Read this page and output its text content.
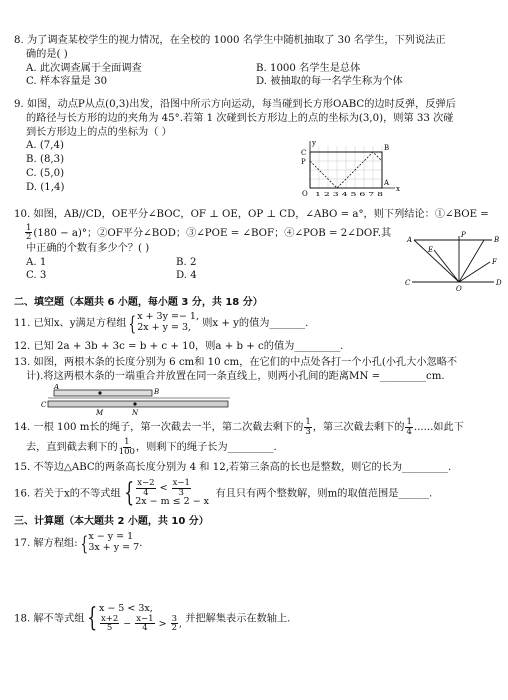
8. 为了调查某校学生的视力情况，在全校的 1000 名学生中随机抽取了 30 名学生，下列说法正
确的是( )
A. 此次调查属于全面调查	B. 1000 名学生是总体
C. 样本容量是 30	D. 被抽取的每一名学生称为个体
9. 如图，动点P从点(0,3)出发，沿图中所示方向运动，每当碰到长方形OABC的边时反弹，反弹后
的路径与长方形的边的夹角为 45°.若第 1 次碰到长方形边上的点的坐标为(3,0)，则第 33 次碰
到长方形边上的点的坐标为（ ）
A. (7,4)
B. (8,3)
C. (5,0)
D. (1,4)
C
P
B
A
O
x
y
1 2 3 4 5 6 7 8
10. 如图，AB//CD，OE平分∠BOC，OF ⊥ OE，OP ⊥ CD，∠ABO = a°，则下列结论：①∠BOE =
$\frac{1}{2} (180 - a)^\circ$；②OF平分∠BOD；③∠POE = ∠BOF；④∠POB = 2∠DOF.其
中正确的个数有多少个？( )
A. 1	B. 2
C. 3	D. 4
A	B
C	D
E
F
P
O
二、填空题（本题共 6 小题，每小题 3 分，共 18 分）
11. 已知x、y满足方程组 { x + 3y =− 1,
2x + y = 3,	则x + y的值为_______.
12. 已知 2a + 3b + 3c = b + c + 10，则a + b + c的值为_________.
13. 如图，两根木条的长度分别为 6 cm和 10 cm，在它们的中点处各打一个小孔(小孔大小忽略不
计).将这两根木条的一端重合并放置在同一条直线上，则两小孔间的距离MN =_________cm.
A
B
C
M	N
14. 一根 100 m长的绳子，第一次截去一半，第二次截去剩下的 $\frac{1}{3}$ ，第三次截去剩下的 $\frac{1}{4}$ ......如此下
去，直到截去剩下的 $\frac{1}{100}$ ，则剩下的绳子长为_________.
15. 不等边△ABC的两条高长度分别为 4 和 12,若第三条高的长也是整数，则它的长为_________.
16. 若关于x的不等式组 { $\frac{x-2}{4} < \frac{x-1}{3}$
2x − m ≤ 2 − x
有且只有两个整数解，则m的取值范围是______.
三、计算题（本大题共 2 小题，共 10 分）
17. 解方程组: { x − y = 1
3x + y = 7 .
18. 解不等式组 { x − 5 < 3x,
$\frac{x+2}{5} - \frac{x-1}{4} > \frac{3}{2}$ , 并把解集表示在数轴上.
